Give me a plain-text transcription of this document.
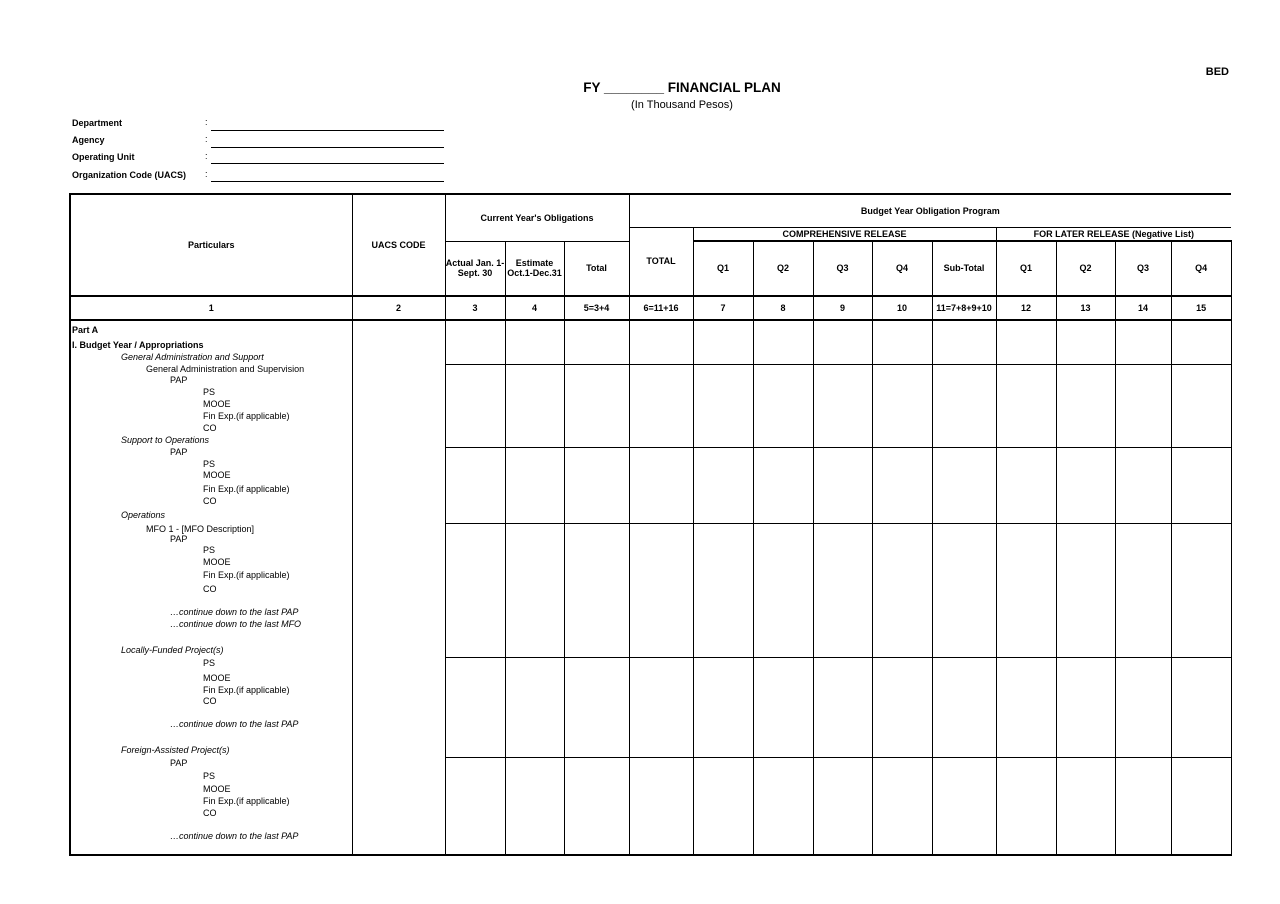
BED
FY ________ FINANCIAL PLAN
(In Thousand Pesos)
Department	:
Agency	:
Operating Unit	:
Organization Code (UACS) :
Particulars	UACS CODE	Current Year's Obligations			Budget Year Obligation Program									
					TOTAL	COMPREHENSIVE RELEASE					FOR LATER RELEASE (Negative List)			
		Actual Jan. 1-Sept. 30	Estimate Oct.1-Dec.31	Total		Q1	Q2	Q3	Q4	Sub-Total	Q1	Q2	Q3	Q4
1	2	3	4	5=3+4	6=11+16	7	8	9	10	11=7+8+9+10	12	13	14	15

Part A
I. Budget Year / Appropriations
General Administration and Support
General Administration and Supervision
PAP
PS
MOOE
Fin Exp.(if applicable)
CO
Support to Operations
PAP
PS
MOOE
Fin Exp.(if applicable)
CO
Operations
MFO 1 - [MFO Description]
PAP
PS
MOOE
Fin Exp.(if applicable)
CO
…continue down to the last PAP
…continue down to the last MFO
Locally-Funded Project(s)
PS
MOOE
Fin Exp.(if applicable)
CO
…continue down to the last PAP
Foreign-Assisted Project(s)
PAP
PS
MOOE
Fin Exp.(if applicable)
CO
…continue down to the last PAP
